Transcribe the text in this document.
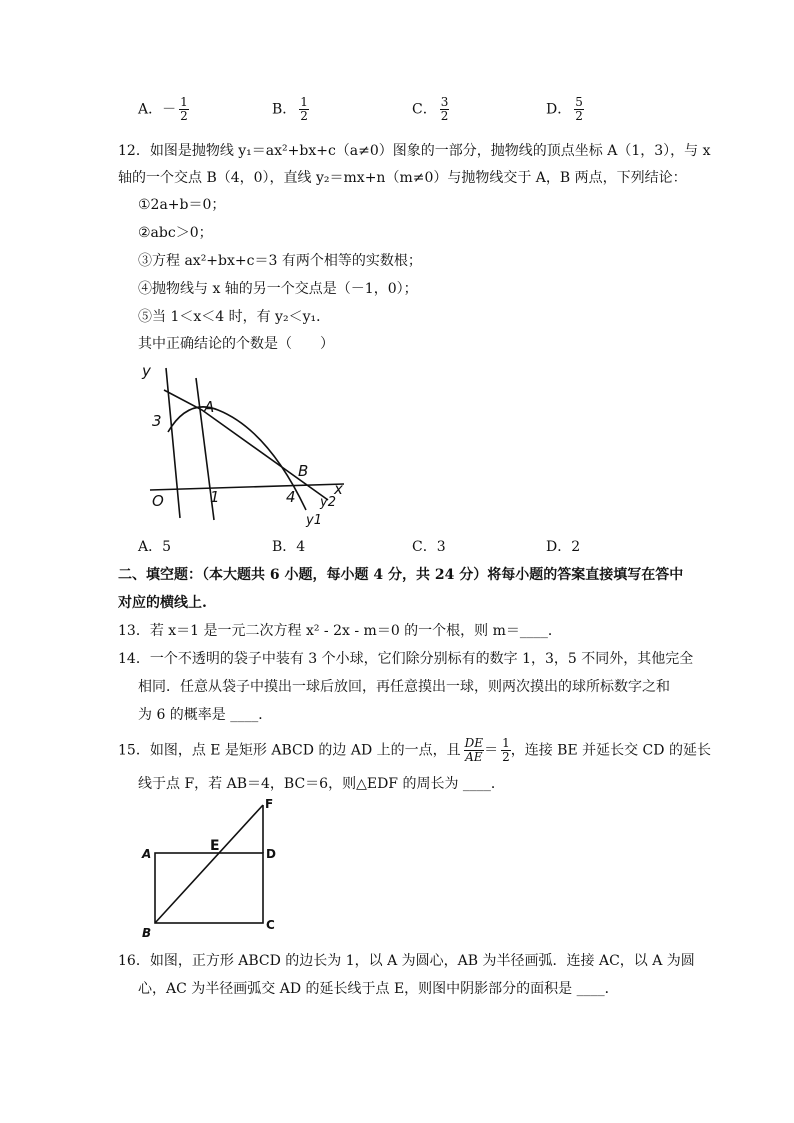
A．－ $\frac{1}{2}$	B． $\frac{1}{2}$	C． $\frac{3}{2}$	D． $\frac{5}{2}$
12．如图是抛物线 y₁＝ax²+bx+c（a≠0）图象的一部分，抛物线的顶点坐标 A（1，3），与 x
轴的一个交点 B（4，0），直线 y₂＝mx+n（m≠0）与抛物线交于 A，B 两点，下列结论：
①2a+b＝0；
②abc＞0；
③方程 ax²+bx+c＝3 有两个相等的实数根；
④抛物线与 x 轴的另一个交点是（－1，0）；
⑤当 1＜x＜4 时，有 y₂＜y₁．
其中正确结论的个数是（　　）
y
x
3
A
O	1
B
4 y2
y1
A．5	B．4	C．3	D．2
二、填空题：（本大题共 6 小题，每小题 4 分，共 24 分）将每小题的答案直接填写在答中
对应的横线上.
13．若 x＝1 是一元二次方程 x² - 2x - m＝0 的一个根，则 m＝____．
14．一个不透明的袋子中装有 3 个小球，它们除分别标有的数字 1，3，5 不同外，其他完全
相同．任意从袋子中摸出一球后放回，再任意摸出一球，则两次摸出的球所标数字之和
为 6 的概率是 ____．
15．如图，点 E 是矩形 ABCD 的边 AD 上的一点，且 $\frac{DE}{AE} = \frac{1}{2}$ ，连接 BE 并延长交 CD 的延长
线于点 F，若 AB＝4，BC＝6，则△EDF 的周长为 ____．
A
B
C
D
E
F
16．如图，正方形 ABCD 的边长为 1，以 A 为圆心，AB 为半径画弧．连接 AC，以 A 为圆
心，AC 为半径画弧交 AD 的延长线于点 E，则图中阴影部分的面积是 ____．
